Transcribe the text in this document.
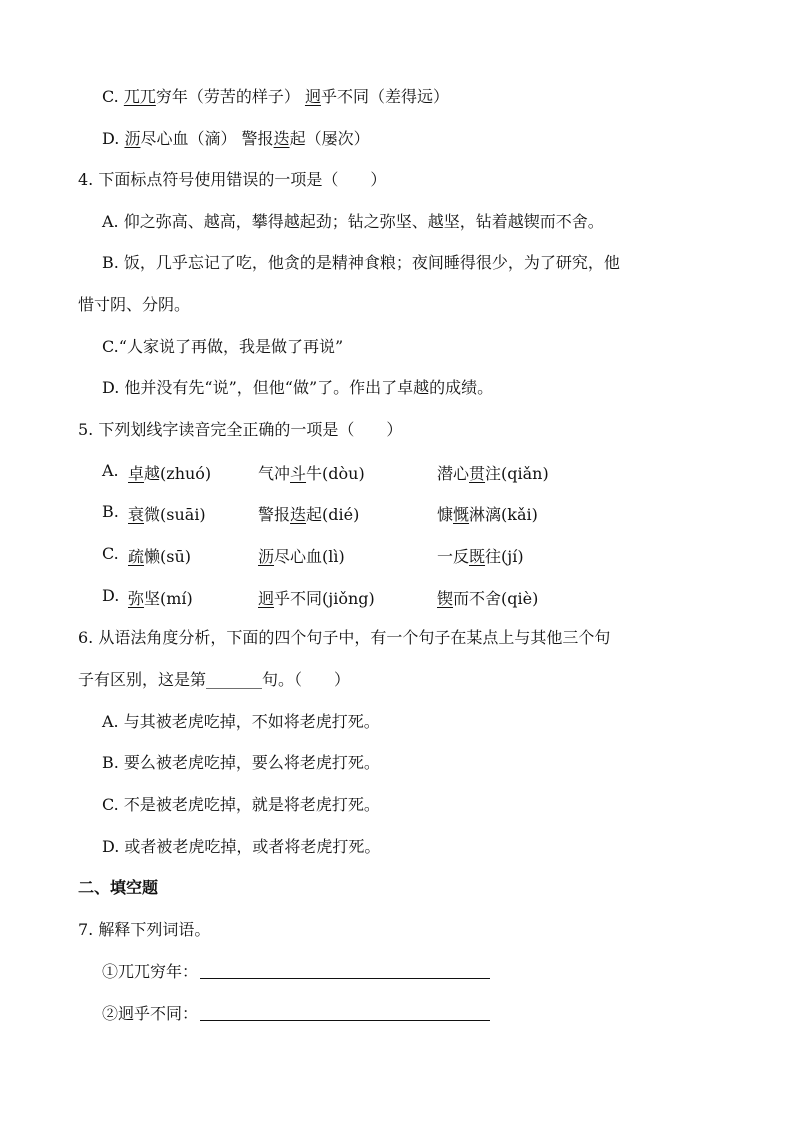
C. 兀兀穷年（劳苦的样子） 迥乎不同（差得远）
D. 沥尽心血（滴） 警报迭起（屡次）
4. 下面标点符号使用错误的一项是（　　）
A. 仰之弥高、越高，攀得越起劲；钻之弥坚、越坚，钻着越锲而不舍。
B. 饭，几乎忘记了吃，他贪的是精神食粮；夜间睡得很少，为了研究，他
惜寸阴、分阴。
C.“人家说了再做，我是做了再说”
D. 他并没有先“说”，但他“做”了。作出了卓越的成绩。
5. 下列划线字读音完全正确的一项是（　　）
A. 卓越(zhuó)	气冲斗牛(dòu)	潜心贯注(qiǎn)
B. 衰微(suāi)	警报迭起(dié)	慷慨淋漓(kǎi)
C. 疏懒(sū)	沥尽心血(lì)	一反既往(jí)
D. 弥坚(mí)	迥乎不同(jiǒng)	锲而不舍(qiè)
6. 从语法角度分析，下面的四个句子中，有一个句子在某点上与其他三个句
子有区别，这是第_______句。（　　）
A. 与其被老虎吃掉，不如将老虎打死。
B. 要么被老虎吃掉，要么将老虎打死。
C. 不是被老虎吃掉，就是将老虎打死。
D. 或者被老虎吃掉，或者将老虎打死。
二、填空题
7. 解释下列词语。
①兀兀穷年：
②迥乎不同：
